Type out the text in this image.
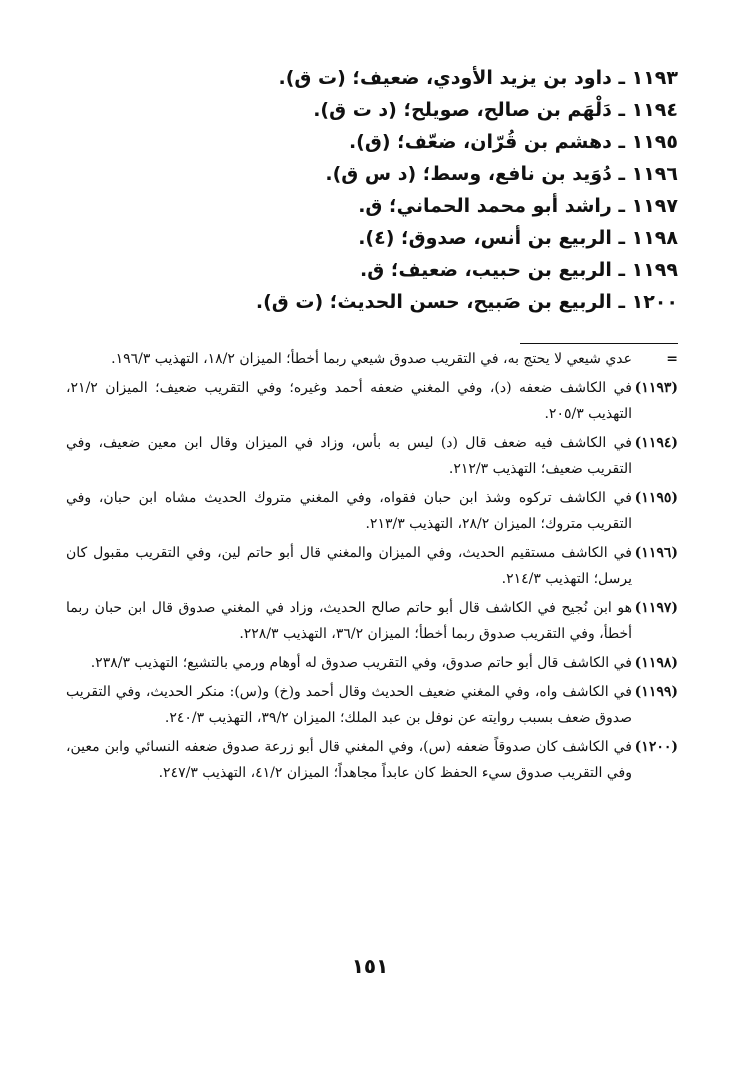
١١٩٣ ـ داود بن يزيد الأودي، ضعيف؛ (ت ق).

١١٩٤ ـ دَلْهَم بن صالح، صويلح؛ (د ت ق).

١١٩٥ ـ دهشم بن قُرّان، ضعّف؛ (ق).

١١٩٦ ـ دُوَيد بن نافع، وسط؛ (د س ق).

١١٩٧ ـ راشد أبو محمد الحماني؛ ق.

١١٩٨ ـ الربيع بن أنس، صدوق؛ (٤).

١١٩٩ ـ الربيع بن حبيب، ضعيف؛ ق.

١٢٠٠ ـ الربيع بن صَبيح، حسن الحديث؛ (ت ق).

=
عدي شيعي لا يحتج به، في التقريب صدوق شيعي ربما أخطأ؛ الميزان ١٨/٢، التهذيب ١٩٦/٣.

(١١٩٣)
في الكاشف ضعفه (د)، وفي المغني ضعفه أحمد وغيره؛ وفي التقريب ضعيف؛ الميزان ٢١/٢، التهذيب ٢٠٥/٣.

(١١٩٤)
في الكاشف فيه ضعف قال (د) ليس به بأس، وزاد في الميزان وقال ابن معين ضعيف، وفي التقريب ضعيف؛ التهذيب ٢١٢/٣.

(١١٩٥)
في الكاشف تركوه وشذ ابن حبان فقواه، وفي المغني متروك الحديث مشاه ابن حبان، وفي التقريب متروك؛ الميزان ٢٨/٢، التهذيب ٢١٣/٣.

(١١٩٦)
في الكاشف مستقيم الحديث، وفي الميزان والمغني قال أبو حاتم لين، وفي التقريب مقبول كان يرسل؛ التهذيب ٢١٤/٣.

(١١٩٧)
هو ابن نُجيح في الكاشف قال أبو حاتم صالح الحديث، وزاد في المغني صدوق قال ابن حبان ربما أخطأ، وفي التقريب صدوق ربما أخطأ؛ الميزان ٣٦/٢، التهذيب ٢٢٨/٣.

(١١٩٨)
في الكاشف قال أبو حاتم صدوق، وفي التقريب صدوق له أوهام ورمي بالتشيع؛ التهذيب ٢٣٨/٣.

(١١٩٩)
في الكاشف واه، وفي المغني ضعيف الحديث وقال أحمد و(خ) و(س): منكر الحديث، وفي التقريب صدوق ضعف بسبب روايته عن نوفل بن عبد الملك؛ الميزان ٣٩/٢، التهذيب ٢٤٠/٣.

(١٢٠٠)
في الكاشف كان صدوقاً ضعفه (س)، وفي المغني قال أبو زرعة صدوق ضعفه النسائي وابن معين، وفي التقريب صدوق سيء الحفظ كان عابداً مجاهداً؛ الميزان ٤١/٢، التهذيب ٢٤٧/٣.

١٥١
